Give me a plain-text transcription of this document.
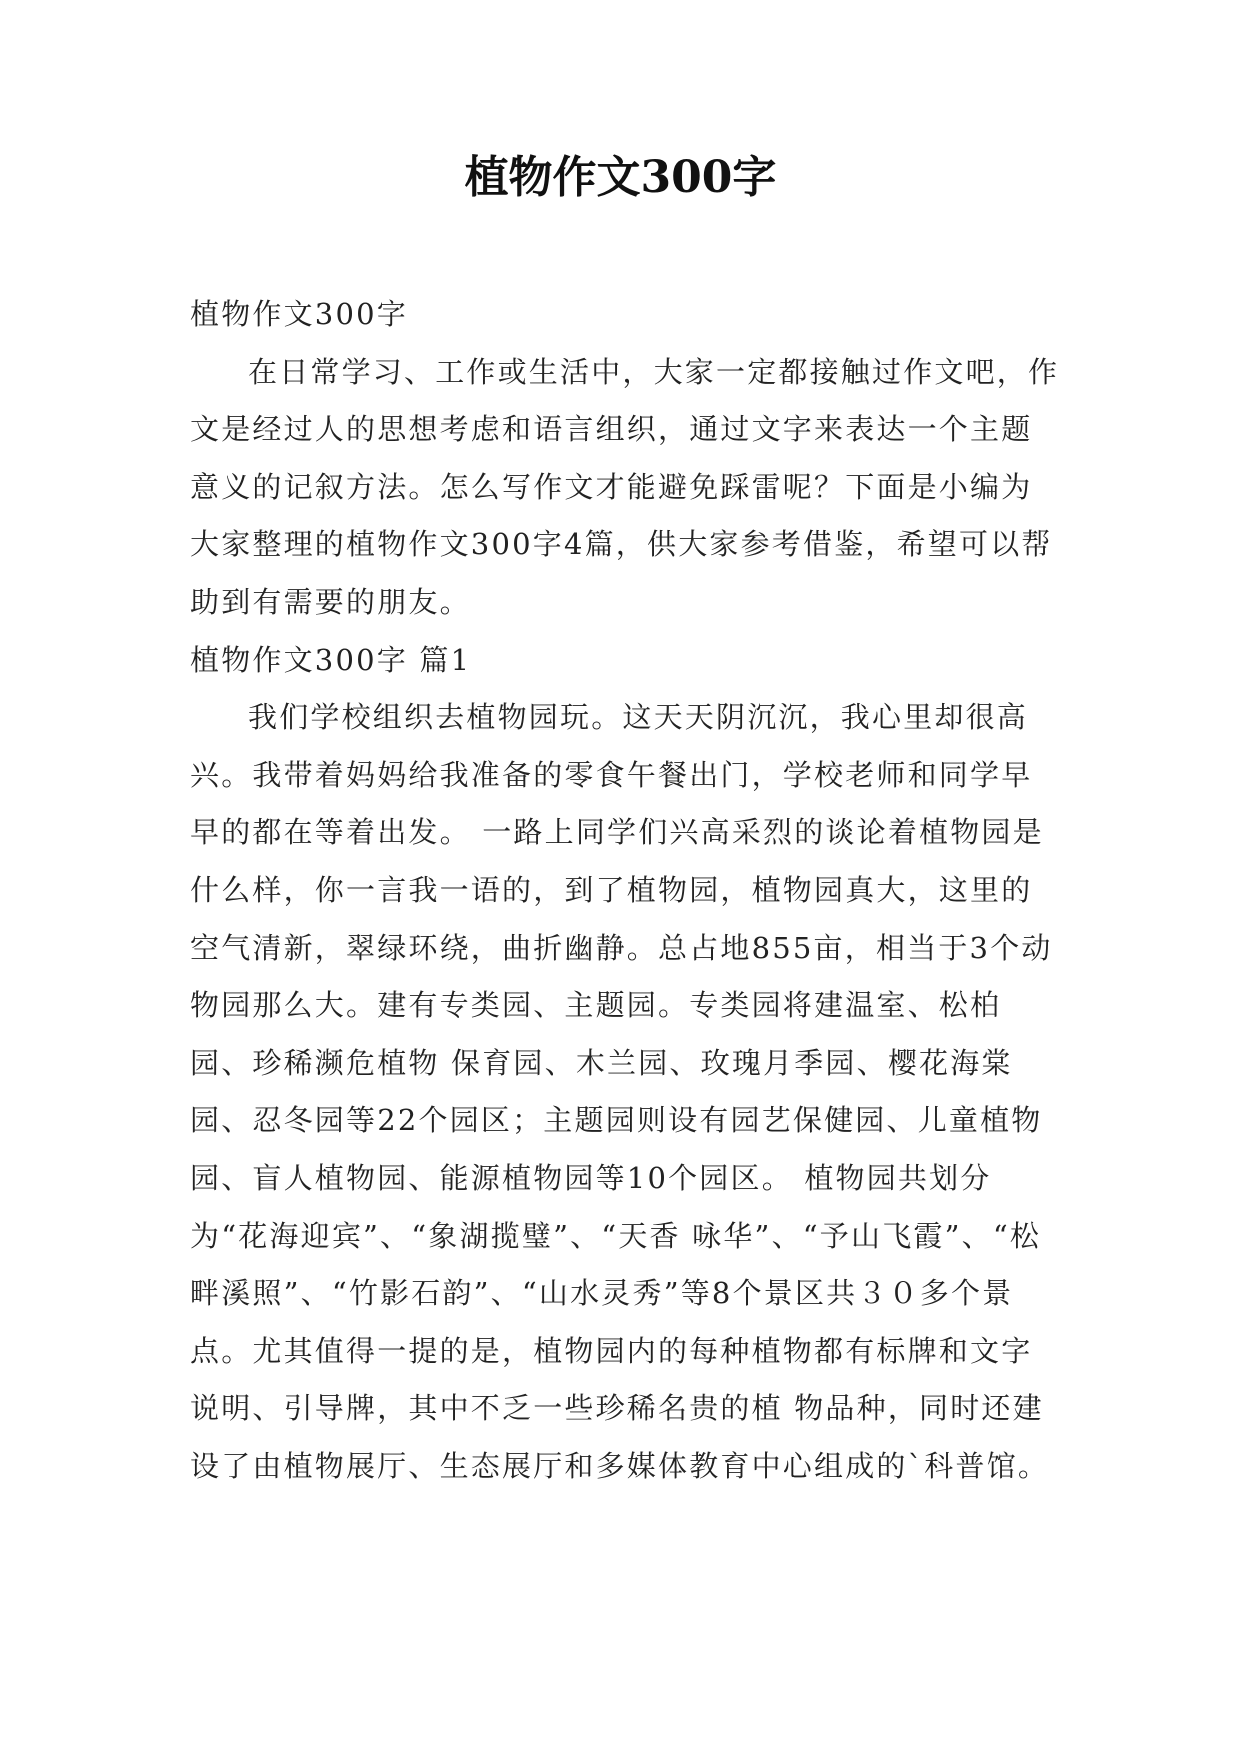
植物作文300字

植物作文300字

在日常学习、工作或生活中，大家一定都接触过作文吧，作文是经过人的思想考虑和语言组织，通过文字来表达一个主题意义的记叙方法。怎么写作文才能避免踩雷呢？下面是小编为大家整理的植物作文300字4篇，供大家参考借鉴，希望可以帮助到有需要的朋友。

植物作文300字 篇1

我们学校组织去植物园玩。这天天阴沉沉，我心里却很高兴。我带着妈妈给我准备的零食午餐出门，学校老师和同学早早的都在等着出发。 一路上同学们兴高采烈的谈论着植物园是 什么样，你一言我一语的，到了植物园，植物园真大，这里的空气清新，翠绿环绕，曲折幽静。总占地855亩，相当于3个动物园那么大。建有专类园、主题园。专类园将建温室、松柏园、珍稀濒危植物 保育园、木兰园、玫瑰月季园、樱花海棠园、忍冬园等22个园区；主题园则设有园艺保健园、儿童植物园、盲人植物园、能源植物园等10个园区。 植物园共划分为“花海迎宾”、“象湖揽璧”、“天香 咏华”、“予山飞霞”、“松畔溪照”、“竹影石韵”、“山水灵秀”等8个景区共３０多个景点。尤其值得一提的是，植物园内的每种植物都有标牌和文字说明、引导牌，其中不乏一些珍稀名贵的植 物品种，同时还建设了由植物展厅、生态展厅和多媒体教育中心组成的`科普馆。
